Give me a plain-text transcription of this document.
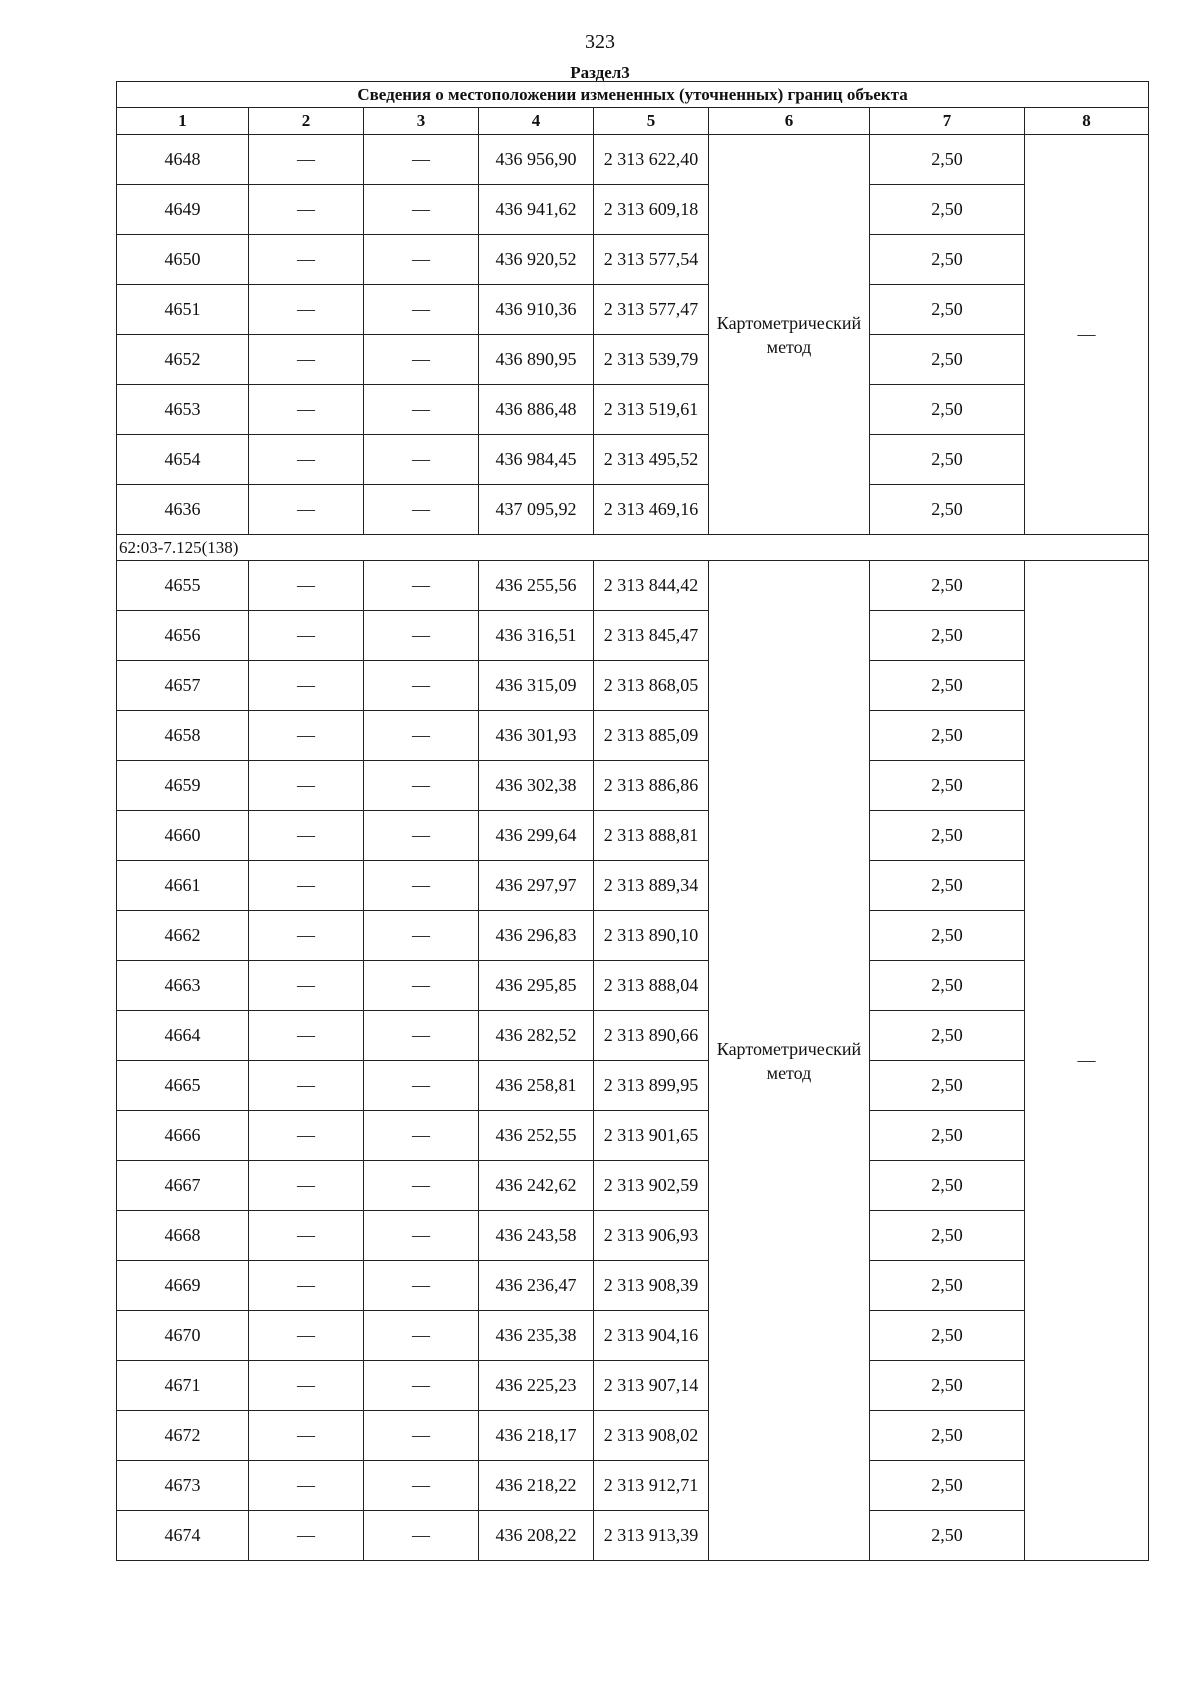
323
Раздел3
Сведения о местоположении измененных (уточненных) границ объекта							
1	2	3	4	5	6	7	8
4648	—	—	436 956,90	2 313 622,40	Картометрический метод	2,50	—
4649	—	—	436 941,62	2 313 609,18		2,50	
4650	—	—	436 920,52	2 313 577,54		2,50	
4651	—	—	436 910,36	2 313 577,47		2,50	
4652	—	—	436 890,95	2 313 539,79		2,50	
4653	—	—	436 886,48	2 313 519,61		2,50	
4654	—	—	436 984,45	2 313 495,52		2,50	
4636	—	—	437 095,92	2 313 469,16		2,50	
62:03-7.125(138)							
4655	—	—	436 255,56	2 313 844,42	Картометрический метод	2,50	—
4656	—	—	436 316,51	2 313 845,47		2,50	
4657	—	—	436 315,09	2 313 868,05		2,50	
4658	—	—	436 301,93	2 313 885,09		2,50	
4659	—	—	436 302,38	2 313 886,86		2,50	
4660	—	—	436 299,64	2 313 888,81		2,50	
4661	—	—	436 297,97	2 313 889,34		2,50	
4662	—	—	436 296,83	2 313 890,10		2,50	
4663	—	—	436 295,85	2 313 888,04		2,50	
4664	—	—	436 282,52	2 313 890,66		2,50	
4665	—	—	436 258,81	2 313 899,95		2,50	
4666	—	—	436 252,55	2 313 901,65		2,50	
4667	—	—	436 242,62	2 313 902,59		2,50	
4668	—	—	436 243,58	2 313 906,93		2,50	
4669	—	—	436 236,47	2 313 908,39		2,50	
4670	—	—	436 235,38	2 313 904,16		2,50	
4671	—	—	436 225,23	2 313 907,14		2,50	
4672	—	—	436 218,17	2 313 908,02		2,50	
4673	—	—	436 218,22	2 313 912,71		2,50	
4674	—	—	436 208,22	2 313 913,39		2,50	
